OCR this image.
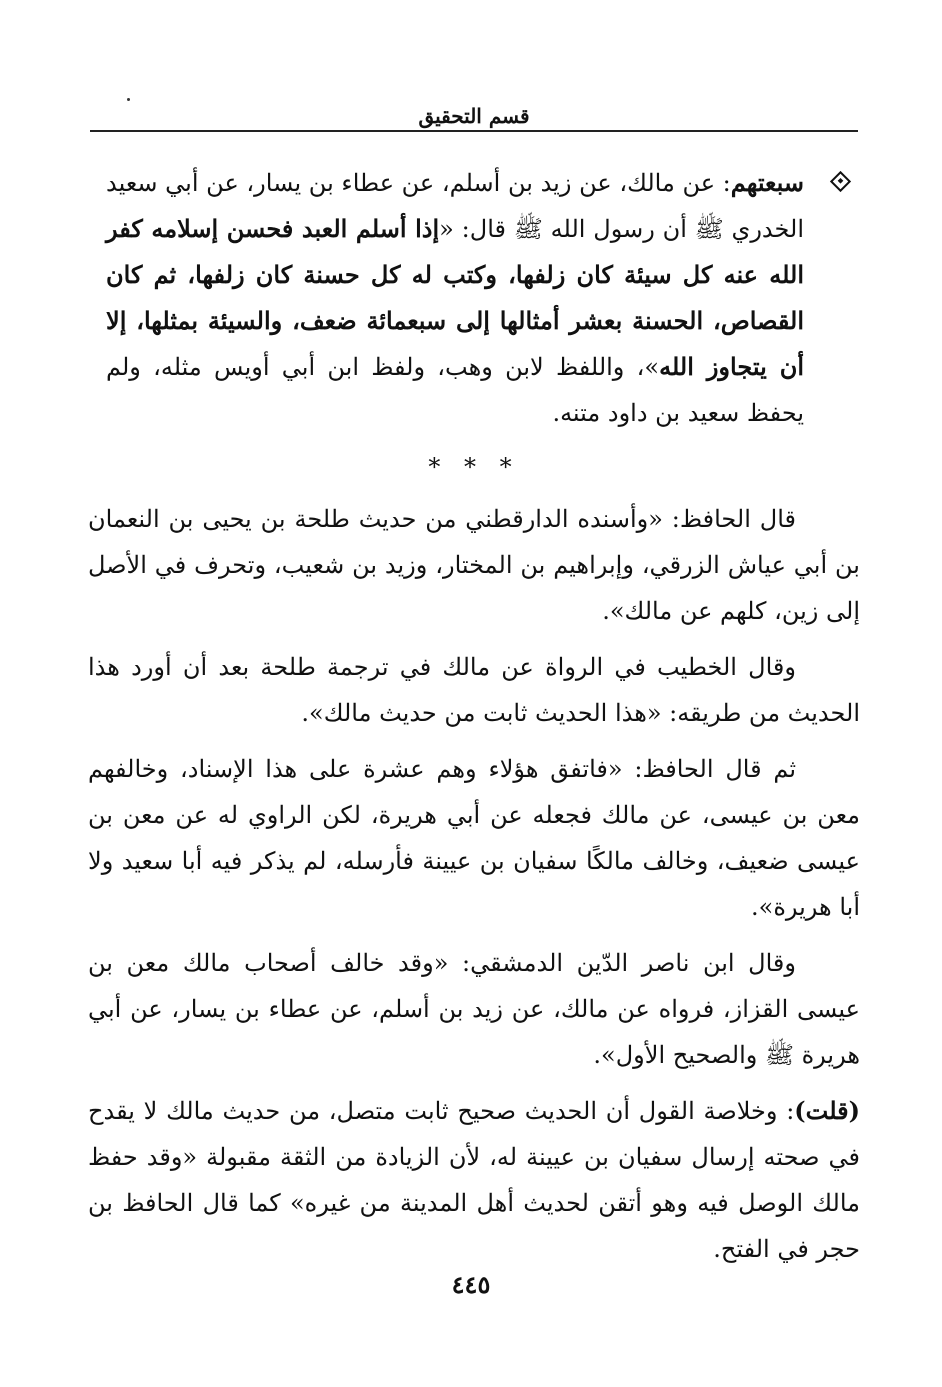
قسم التحقيق

سبعتهم: عن مالك، عن زيد بن أسلم، عن عطاء بن يسار، عن أبي سعيد الخدري ﷺ أن رسول الله ﷺ قال: «إذا أسلم العبد فحسن إسلامه كفر الله عنه كل سيئة كان زلفها، وكتب له كل حسنة كان زلفها، ثم كان القصاص، الحسنة بعشر أمثالها إلى سبعمائة ضعف، والسيئة بمثلها، إلا أن يتجاوز الله»، واللفظ لابن وهب، ولفظ ابن أبي أويس مثله، ولم يحفظ سعيد بن داود متنه.

* * *

قال الحافظ: «وأسنده الدارقطني من حديث طلحة بن يحيى بن النعمان بن أبي عياش الزرقي، وإبراهيم بن المختار، وزيد بن شعيب، وتحرف في الأصل إلى زين، كلهم عن مالك».

وقال الخطيب في الرواة عن مالك في ترجمة طلحة بعد أن أورد هذا الحديث من طريقه: «هذا الحديث ثابت من حديث مالك».

ثم قال الحافظ: «فاتفق هؤلاء وهم عشرة على هذا الإسناد، وخالفهم معن بن عيسى، عن مالك فجعله عن أبي هريرة، لكن الراوي له عن معن بن عيسى ضعيف، وخالف مالكًا سفيان بن عيينة فأرسله، لم يذكر فيه أبا سعيد ولا أبا هريرة».

وقال ابن ناصر الدّين الدمشقي: «وقد خالف أصحاب مالك معن بن عيسى القزاز، فرواه عن مالك، عن زيد بن أسلم، عن عطاء بن يسار، عن أبي هريرة ﷺ والصحيح الأول».

(قلت): وخلاصة القول أن الحديث صحيح ثابت متصل، من حديث مالك لا يقدح في صحته إرسال سفيان بن عيينة له، لأن الزيادة من الثقة مقبولة «وقد حفظ مالك الوصل فيه وهو أتقن لحديث أهل المدينة من غيره» كما قال الحافظ بن حجر في الفتح.

٤٤٥
